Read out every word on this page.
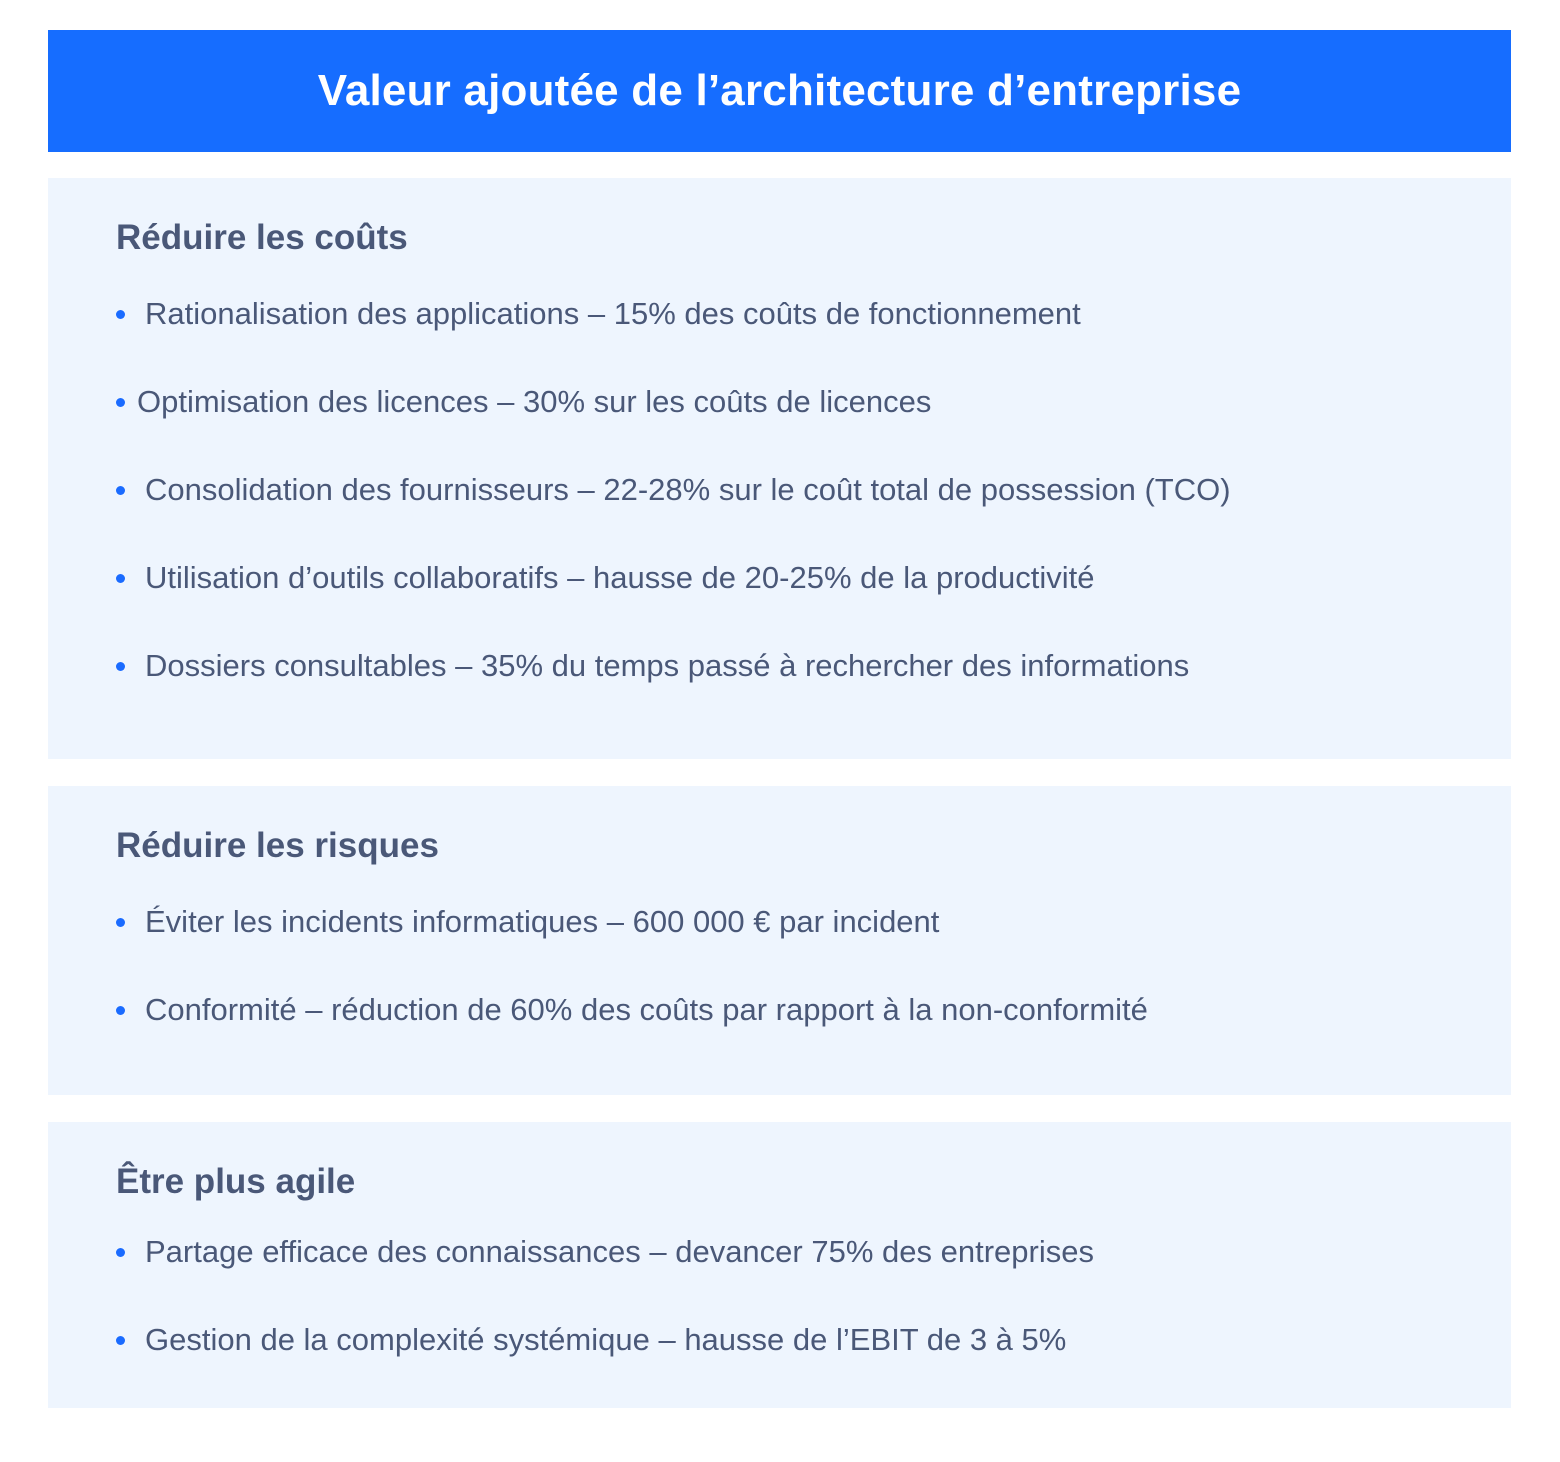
Valeur ajoutée de l’architecture d’entreprise
Réduire les coûts
Rationalisation des applications – 15% des coûts de fonctionnement
Optimisation des licences – 30% sur les coûts de licences
Consolidation des fournisseurs – 22-28% sur le coût total de possession (TCO)
Utilisation d’outils collaboratifs – hausse de 20-25% de la productivité
Dossiers consultables – 35% du temps passé à rechercher des informations
Réduire les risques
Éviter les incidents informatiques – 600 000 € par incident
Conformité – réduction de 60% des coûts par rapport à la non-conformité
Être plus agile
Partage efficace des connaissances – devancer 75% des entreprises
Gestion de la complexité systémique – hausse de l’EBIT de 3 à 5%
